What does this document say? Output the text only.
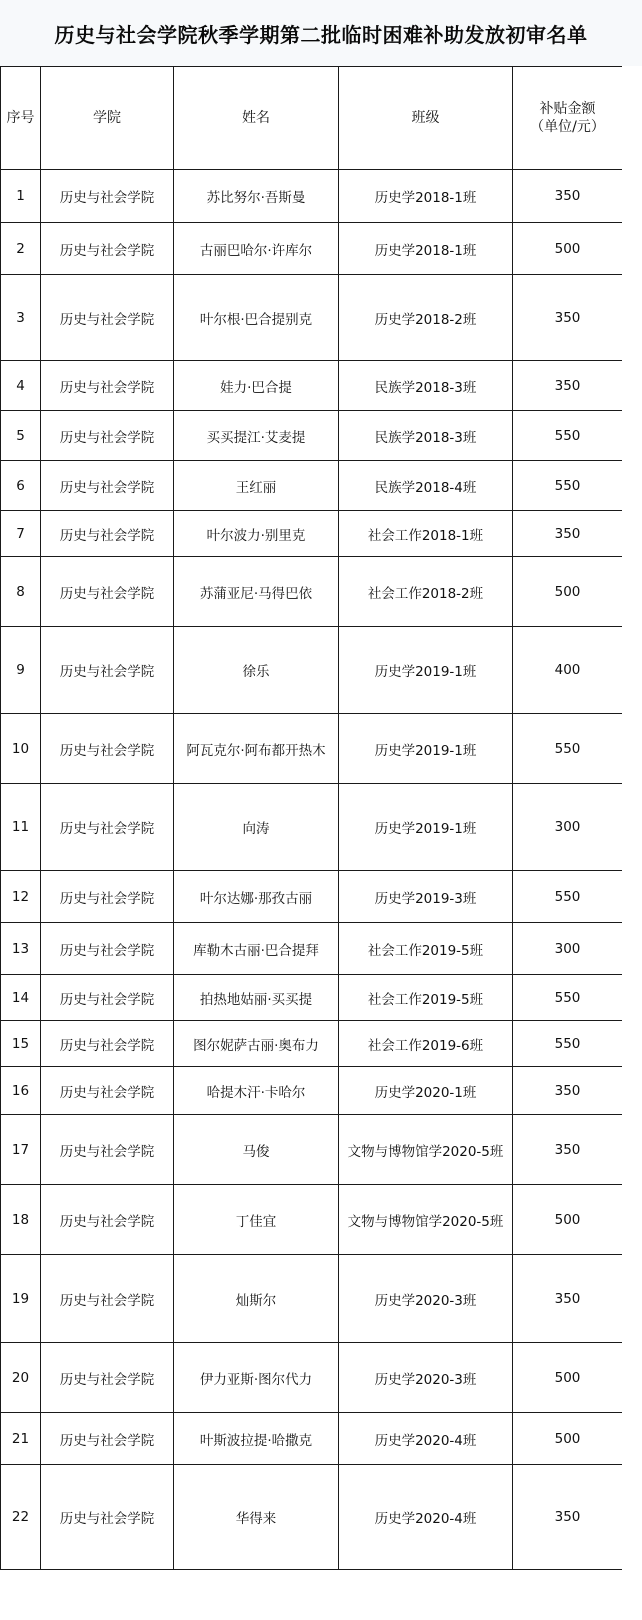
历史与社会学院秋季学期第二批临时困难补助发放初审名单
序号	学院	姓名	班级	补贴金额
（单位/元）

1	历史与社会学院	苏比努尔·吾斯曼	历史学2018-1班	350
2	历史与社会学院	古丽巴哈尔·许库尔	历史学2018-1班	500
3	历史与社会学院	叶尔根·巴合提别克	历史学2018-2班	350
4	历史与社会学院	娃力·巴合提	民族学2018-3班	350
5	历史与社会学院	买买提江·艾麦提	民族学2018-3班	550
6	历史与社会学院	王红丽	民族学2018-4班	550
7	历史与社会学院	叶尔波力·别里克	社会工作2018-1班	350
8	历史与社会学院	苏蒲亚尼·马得巴依	社会工作2018-2班	500
9	历史与社会学院	徐乐	历史学2019-1班	400
10	历史与社会学院	阿瓦克尔·阿布都开热木	历史学2019-1班	550
11	历史与社会学院	向涛	历史学2019-1班	300
12	历史与社会学院	叶尔达娜·那孜古丽	历史学2019-3班	550
13	历史与社会学院	库勒木古丽·巴合提拜	社会工作2019-5班	300
14	历史与社会学院	拍热地姑丽·买买提	社会工作2019-5班	550
15	历史与社会学院	图尔妮萨古丽·奥布力	社会工作2019-6班	550
16	历史与社会学院	哈提木汗·卡哈尔	历史学2020-1班	350
17	历史与社会学院	马俊	文物与博物馆学2020-5班	350
18	历史与社会学院	丁佳宜	文物与博物馆学2020-5班	500
19	历史与社会学院	灿斯尔	历史学2020-3班	350
20	历史与社会学院	伊力亚斯·图尔代力	历史学2020-3班	500
21	历史与社会学院	叶斯波拉提·哈撒克	历史学2020-4班	500
22	历史与社会学院	华得来	历史学2020-4班	350
